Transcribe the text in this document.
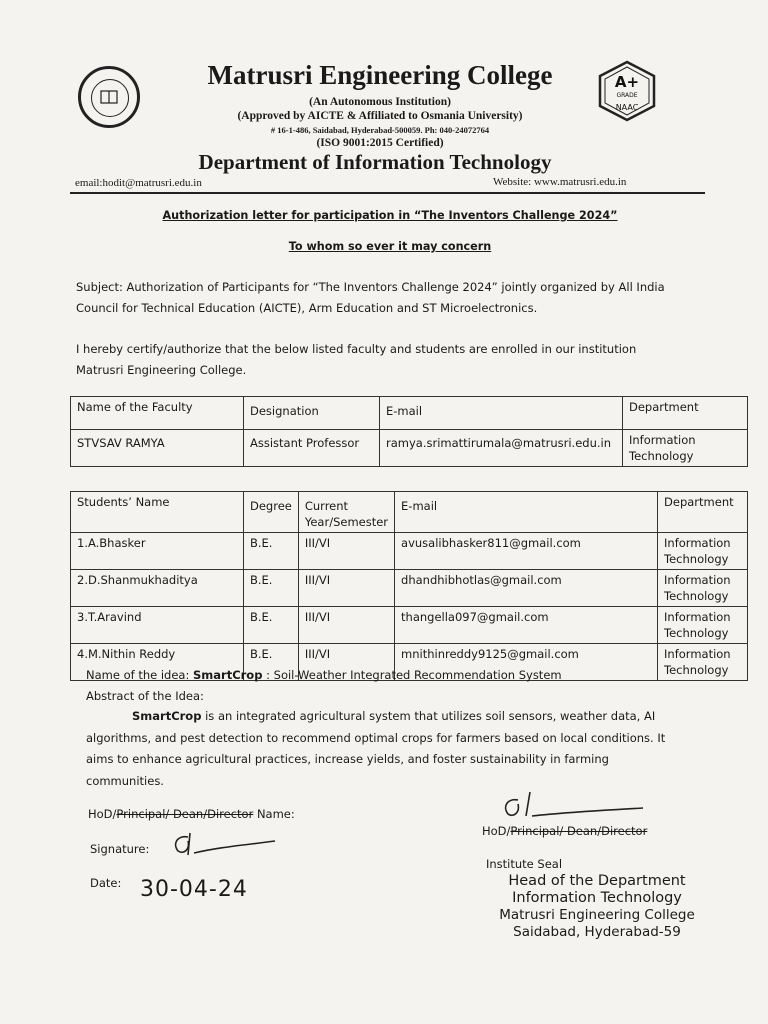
A+
GRADE
NAAC
Matrusri Engineering College
(An Autonomous Institution)
(Approved by AICTE & Affiliated to Osmania University)
# 16-1-486, Saidabad, Hyderabad-500059. Ph: 040-24072764
(ISO 9001:2015 Certified)
Department of Information Technology
email:hodit@matrusri.edu.in	Website: www.matrusri.edu.in
Authorization letter for participation in “The Inventors Challenge 2024”
To whom so ever it may concern
Subject: Authorization of Participants for “The Inventors Challenge 2024” jointly organized by All India
Council for Technical Education (AICTE), Arm Education and ST Microelectronics.
I hereby certify/authorize that the below listed faculty and students are enrolled in our institution
Matrusri Engineering College.
Name of the Faculty	Designation	E-mail	Department
STVSAV RAMYA	Assistant Professor	ramya.srimattirumala@matrusri.edu.in	Information Technology
Students’ Name	Degree	Current Year/Semester	E-mail	Department
1.A.Bhasker	B.E.	III/VI	avusalibhasker811@gmail.com	Information Technology
2.D.Shanmukhaditya	B.E.	III/VI	dhandhibhotlas@gmail.com	Information Technology
3.T.Aravind	B.E.	III/VI	thangella097@gmail.com	Information Technology
4.M.Nithin Reddy	B.E.	III/VI	mnithinreddy9125@gmail.com	Information Technology
Name of the idea: SmartCrop : Soil-Weather Integrated Recommendation System
Abstract of the Idea:
SmartCrop is an integrated agricultural system that utilizes soil sensors, weather data, AI
algorithms, and pest detection to recommend optimal crops for farmers based on local conditions. It
aims to enhance agricultural practices, increase yields, and foster sustainability in farming communities.
HoD/Principal/ Dean/Director Name:
Signature:
Date: 30-04-24
HoD/Principal/ Dean/Director
Institute Seal
Head of the Department
Information Technology
Matrusri Engineering College
Saidabad, Hyderabad-59
